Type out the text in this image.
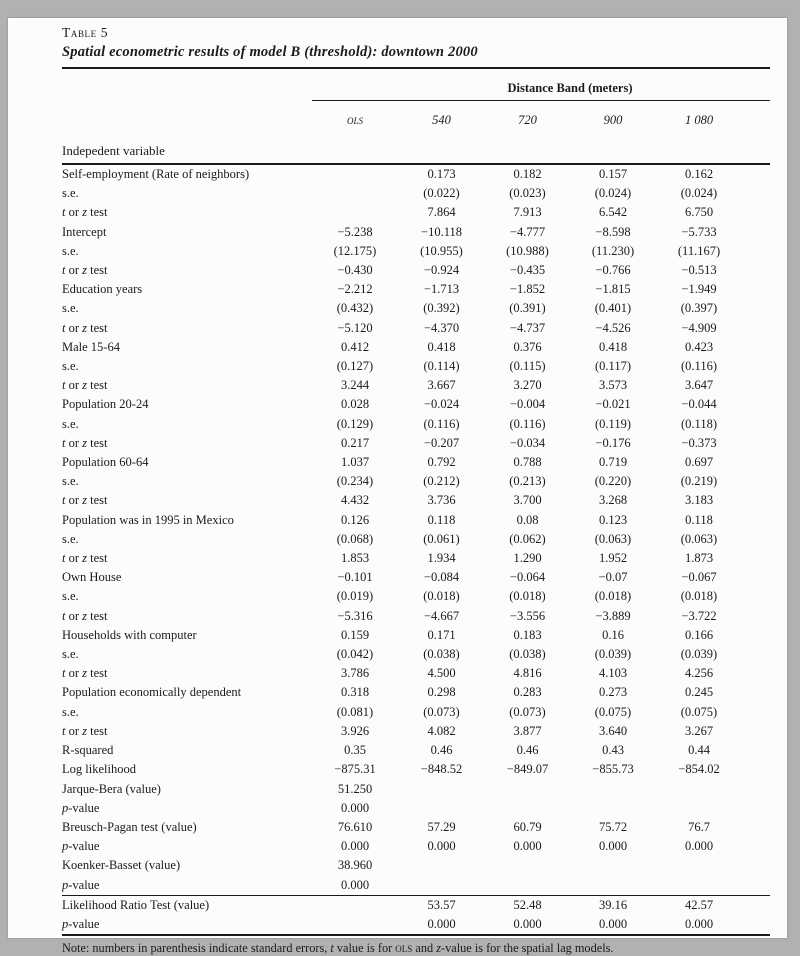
Table 5
Spatial econometric results of model B (threshold): downtown 2000
	Distance Band (meters)				
	ols	540	720	900	1 080
Indepedent variable					
Self-employment (Rate of neighbors)		0.173	0.182	0.157	0.162
s.e.		(0.022)	(0.023)	(0.024)	(0.024)
t or z test		7.864	7.913	6.542	6.750
Intercept	−5.238	−10.118	−4.777	−8.598	−5.733
s.e.	(12.175)	(10.955)	(10.988)	(11.230)	(11.167)
t or z test	−0.430	−0.924	−0.435	−0.766	−0.513
Education years	−2.212	−1.713	−1.852	−1.815	−1.949
s.e.	(0.432)	(0.392)	(0.391)	(0.401)	(0.397)
t or z test	−5.120	−4.370	−4.737	−4.526	−4.909
Male 15-64	0.412	0.418	0.376	0.418	0.423
s.e.	(0.127)	(0.114)	(0.115)	(0.117)	(0.116)
t or z test	3.244	3.667	3.270	3.573	3.647
Population 20-24	0.028	−0.024	−0.004	−0.021	−0.044
s.e.	(0.129)	(0.116)	(0.116)	(0.119)	(0.118)
t or z test	0.217	−0.207	−0.034	−0.176	−0.373
Population 60-64	1.037	0.792	0.788	0.719	0.697
s.e.	(0.234)	(0.212)	(0.213)	(0.220)	(0.219)
t or z test	4.432	3.736	3.700	3.268	3.183
Population was in 1995 in Mexico	0.126	0.118	0.08	0.123	0.118
s.e.	(0.068)	(0.061)	(0.062)	(0.063)	(0.063)
t or z test	1.853	1.934	1.290	1.952	1.873
Own House	−0.101	−0.084	−0.064	−0.07	−0.067
s.e.	(0.019)	(0.018)	(0.018)	(0.018)	(0.018)
t or z test	−5.316	−4.667	−3.556	−3.889	−3.722
Households with computer	0.159	0.171	0.183	0.16	0.166
s.e.	(0.042)	(0.038)	(0.038)	(0.039)	(0.039)
t or z test	3.786	4.500	4.816	4.103	4.256
Population economically dependent	0.318	0.298	0.283	0.273	0.245
s.e.	(0.081)	(0.073)	(0.073)	(0.075)	(0.075)
t or z test	3.926	4.082	3.877	3.640	3.267
R-squared	0.35	0.46	0.46	0.43	0.44
Log likelihood	−875.31	−848.52	−849.07	−855.73	−854.02
Jarque-Bera (value)	51.250				
p-value	0.000				
Breusch-Pagan test (value)	76.610	57.29	60.79	75.72	76.7
p-value	0.000	0.000	0.000	0.000	0.000
Koenker-Basset (value)	38.960				
p-value	0.000				
Likelihood Ratio Test (value)		53.57	52.48	39.16	42.57
p-value		0.000	0.000	0.000	0.000
Note: numbers in parenthesis indicate standard errors, t value is for ols and z-value is for the spatial lag models.
